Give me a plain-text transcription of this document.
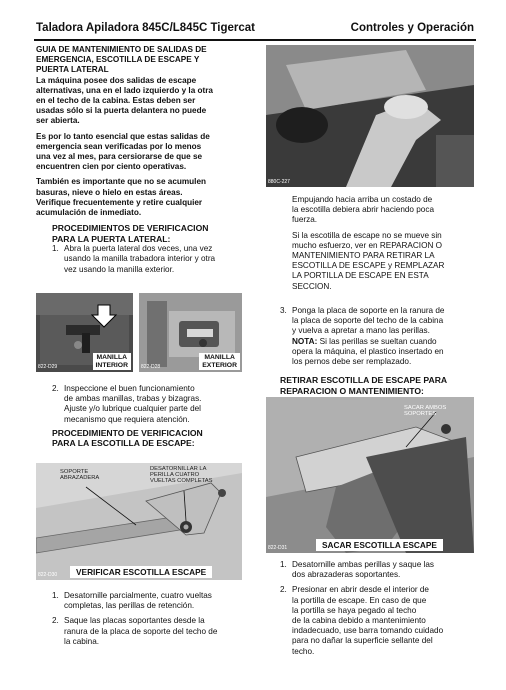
Taladora Apiladora 845C/L845C Tigercat	Controles y Operación
GUIA DE MANTENIMIENTO DE SALIDAS DE
EMERGENCIA, ESCOTILLA DE ESCAPE Y
PUERTA LATERAL
La máquina posee dos salidas de escape
alternativas, una en el lado izquierdo y la otra
en el techo de la cabina. Estas deben ser
usadas sólo si la puerta delantera no puede
ser abierta.
Es por lo tanto esencial que estas salidas de
emergencia sean verificadas por lo menos
una vez al mes, para cersiorarse de que se
encuentren cien por ciento operativas.
También es importante que no se acumulen
basuras, nieve o hielo en estas áreas.
Verifique frecuentemente y retire cualquier
acumulación de inmediato.
PROCEDIMIENTOS DE VERIFICACION
PARA LA PUERTA LATERAL:
1. Abra la puerta lateral dos veces, una vez
usando la manilla trabadora interior y otra
vez usando la manilla exterior.
822-D29
MANILLA
INTERIOR	822-D28
MANILLA
EXTERIOR
2. Inspeccione el buen funcionamiento
de ambas manillas, trabas y bizagras.
Ajuste y/o lubrique cualquier parte del
mecanismo que requiera atención.
PROCEDIMIENTO DE VERIFICACION
PARA LA ESCOTILLA DE ESCAPE:
SOPORTE
ABRAZADERA
DESATORNILLAR LA
PERILLA CUATRO
VUELTAS COMPLETAS
822-D30	VERIFICAR ESCOTILLA ESCAPE
1. Desatornille parcialmente, cuatro vueltas
completas, las perillas de retención.
2. Saque las placas soportantes desde la
ranura de la placa de soporte del techo de
la cabina.
880C-227
Empujando hacia arriba un costado de
la escotilla debiera abrir haciendo poca
fuerza.
Si la escotilla de escape no se mueve sin
mucho esfuerzo, ver en REPARACION O
MANTENIMIENTO PARA RETIRAR LA
ESCOTILLA DE ESCAPE y REMPLAZAR
LA PORTILLA DE ESCAPE EN ESTA
SECCION.
3. Ponga la placa de soporte en la ranura de
la placa de soporte del techo de la cabina
y vuelva a apretar a mano las perillas.
NOTA: Si las perillas se sueltan cuando
opera la máquina, el plastico insertado en
los pernos debe ser remplazado.
RETIRAR ESCOTILLA DE ESCAPE PARA
REPARACION O MANTENIMIENTO:
SACAR AMBOS
SOPORTES
822-D31	SACAR ESCOTILLA ESCAPE
1. Desatornille ambas perillas y saque las
dos abrazaderas soportantes.
2. Presionar en abrir desde el interior de
la portilla de escape. En caso de que
la portilla se haya pegado al techo
de la cabina debido a mantenimiento
indadecuado, use barra tomando cuidado
para no dañar la superficie sellante del
techo.
